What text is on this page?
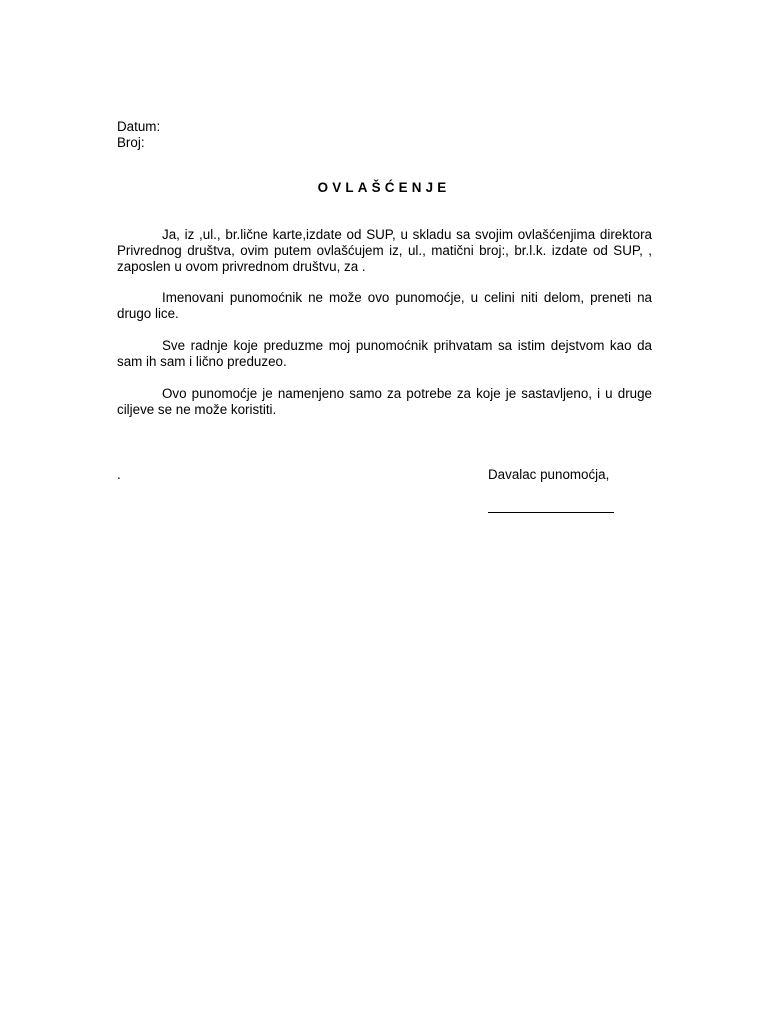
Datum:
Broj:
OVLAŠĆENJE
Ja, iz ,ul., br.lične karte,izdate od SUP, u skladu sa svojim ovlašćenjima direktora Privrednog društva, ovim putem ovlašćujem iz, ul., matični broj:, br.l.k. izdate od SUP, , zaposlen u ovom privrednom društvu, za .
Imenovani punomoćnik ne može ovo punomoćje, u celini niti delom, preneti na drugo lice.
Sve radnje koje preduzme moj punomoćnik prihvatam sa istim dejstvom kao da sam ih sam i lično preduzeo.
Ovo punomoćje je namenjeno samo za potrebe za koje je sastavljeno, i u druge ciljeve se ne može koristiti.
.	Davalac punomoćja,
